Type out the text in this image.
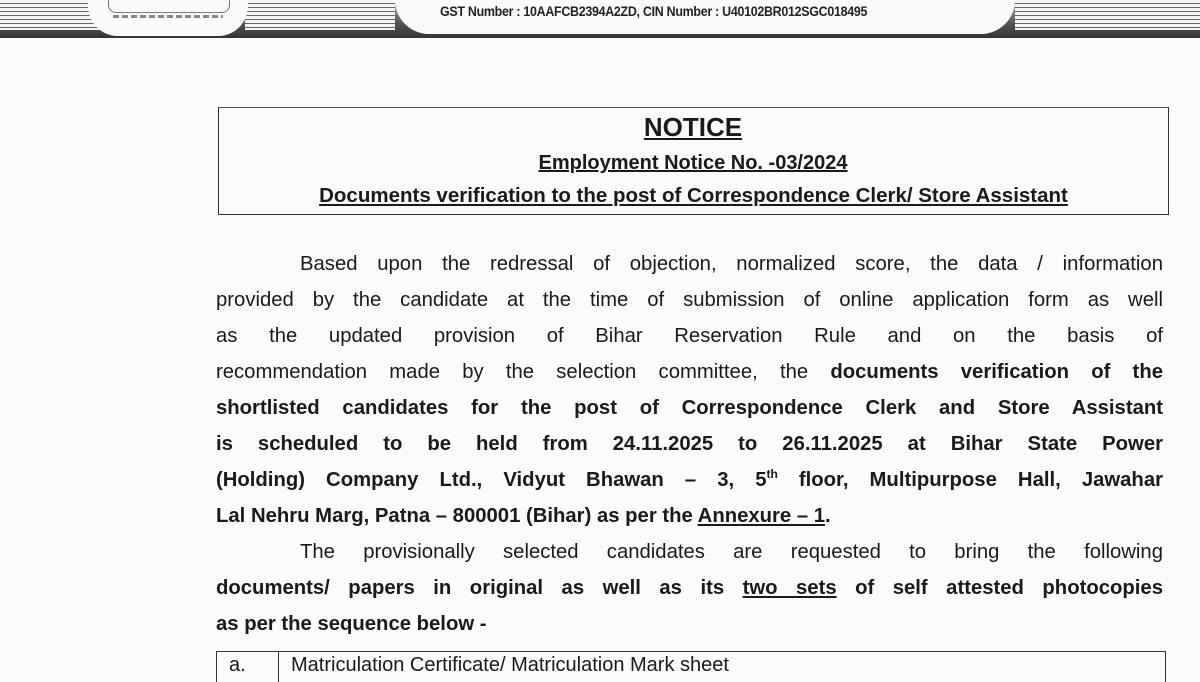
GST Number : 10AAFCB2394A2ZD, CIN Number : U40102BR012SGC018495
NOTICE
Employment Notice No. -03/2024
Documents verification to the post of Correspondence Clerk/ Store Assistant
Based upon the redressal of objection, normalized score, the data / information
provided by the candidate at the time of submission of online application form as well
as the updated provision of Bihar Reservation Rule and on the basis of
recommendation made by the selection committee, the documents verification of the
shortlisted candidates for the post of Correspondence Clerk and Store Assistant
is scheduled to be held from 24.11.2025 to 26.11.2025 at Bihar State Power
(Holding) Company Ltd., Vidyut Bhawan – 3, 5th floor, Multipurpose Hall, Jawahar
Lal Nehru Marg, Patna – 800001 (Bihar) as per the Annexure – 1.
The provisionally selected candidates are requested to bring the following
documents/ papers in original as well as its two sets of self attested photocopies
as per the sequence below -
a. Matriculation Certificate/ Matriculation Mark sheet
